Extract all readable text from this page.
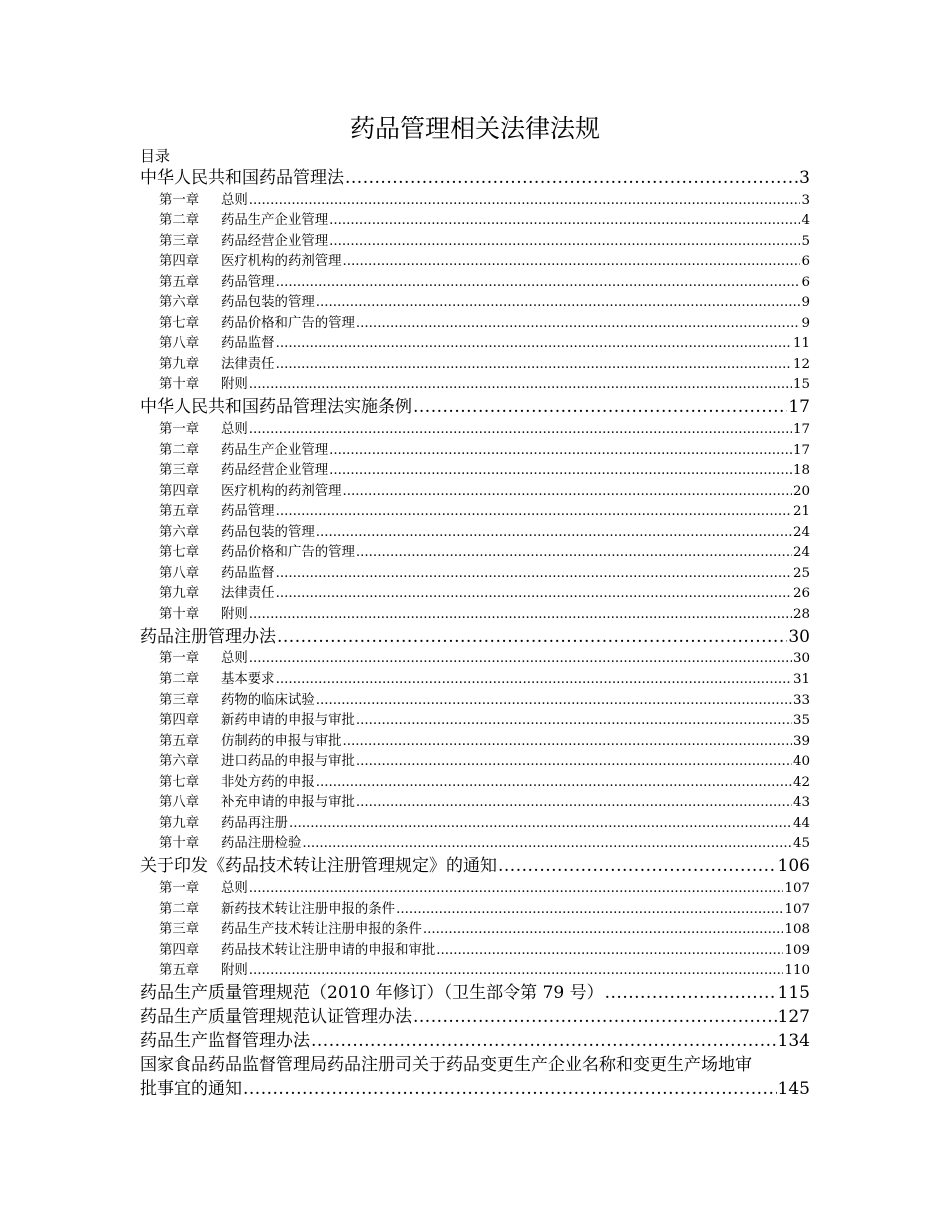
药品管理相关法律法规
目录
中华人民共和国药品管理法 .....	3
第一章	总则 .....	3
第二章	药品生产企业管理 .....	4
第三章	药品经营企业管理 .....	5
第四章	医疗机构的药剂管理 .....	6
第五章	药品管理 .....	6
第六章	药品包装的管理 .....	9
第七章	药品价格和广告的管理 .....	9
第八章	药品监督 .....	11
第九章	法律责任 .....	12
第十章	附则 .....	15
中华人民共和国药品管理法实施条例 .....	17
第一章	总则 .....	17
第二章	药品生产企业管理 .....	17
第三章	药品经营企业管理 .....	18
第四章	医疗机构的药剂管理 .....	20
第五章	药品管理 .....	21
第六章	药品包装的管理 .....	24
第七章	药品价格和广告的管理 .....	24
第八章	药品监督 .....	25
第九章	法律责任 .....	26
第十章	附则 .....	28
药品注册管理办法 .....	30
第一章	总则 .....	30
第二章	基本要求 .....	31
第三章	药物的临床试验 .....	33
第四章	新药申请的申报与审批 .....	35
第五章	仿制药的申报与审批 .....	39
第六章	进口药品的申报与审批 .....	40
第七章	非处方药的申报 .....	42
第八章	补充申请的申报与审批 .....	43
第九章	药品再注册 .....	44
第十章	药品注册检验 .....	45
关于印发《药品技术转让注册管理规定》的通知 .....	106
第一章	总则 .....	107
第二章	新药技术转让注册申报的条件 .....	107
第三章	药品生产技术转让注册申报的条件 .....	108
第四章	药品技术转让注册申请的申报和审批 .....	109
第五章	附则 .....	110
药品生产质量管理规范（2010 年修订）（卫生部令第 79 号） .....	115
药品生产质量管理规范认证管理办法 .....	127
药品生产监督管理办法 .....	134
国家食品药品监督管理局药品注册司关于药品变更生产企业名称和变更生产场地审
批事宜的通知 .....	145
